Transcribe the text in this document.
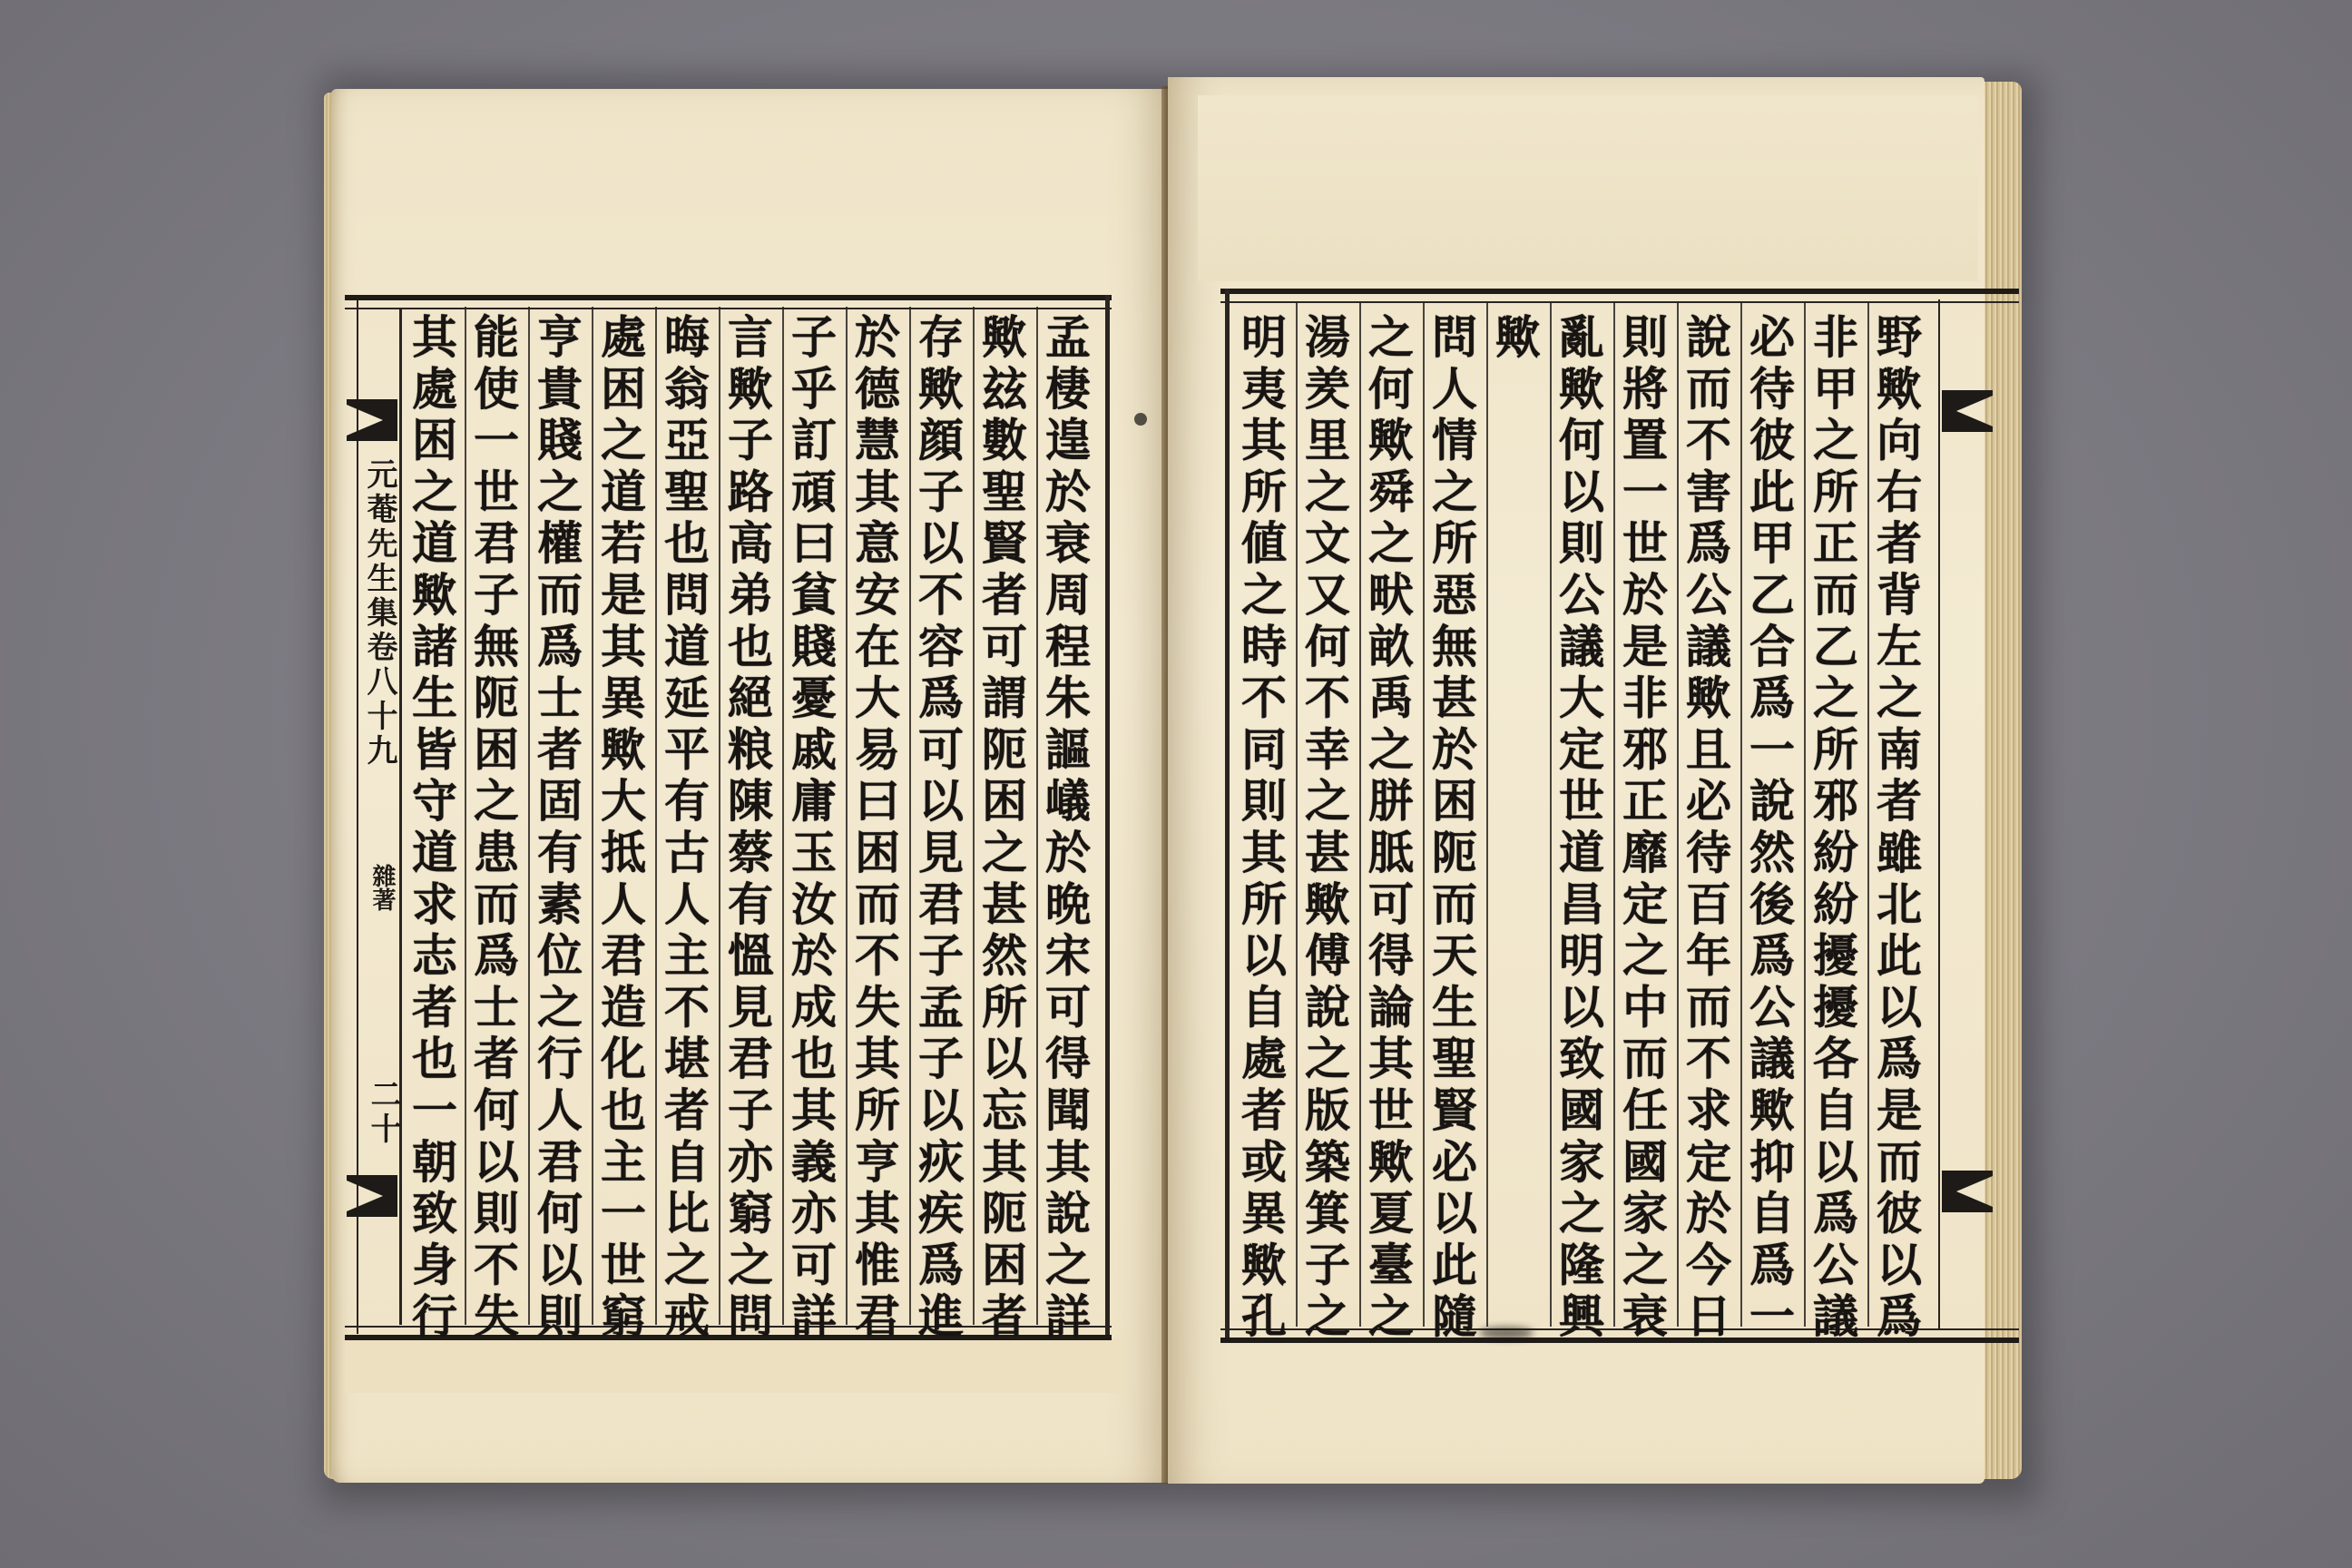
孟棲遑於衰周程朱謳嶬於晩宋可得聞其說之詳
歟玆數聖賢者可謂阨困之甚然所以忘其阨困者
存歟顔子以不容爲可以見君子孟子以疢疾爲進
於德慧其意安在大易曰困而不失其所亨其惟君
子乎訂頑曰貧賤憂戚庸玉汝於成也其義亦可詳
言歟子路高弟也絕粮陳蔡有慍見君子亦窮之問
晦翁亞聖也問道延平有古人主不堪者自比之戒
處困之道若是其異歟大抵人君造化也主一世窮
亨貴賤之權而爲士者固有素位之行人君何以則
能使一世君子無阨困之患而爲士者何以則不失
其處困之道歟諸生皆守道求志者也一朝致身行
元菴先生集卷八十九
雜著
二十	野歟向右者背左之南者雖北此以爲是而彼以爲
非甲之所正而乙之所邪紛紛擾擾各自以爲公議
必待彼此甲乙合爲一說然後爲公議歟抑自爲一
說而不害爲公議歟且必待百年而不求定於今日
則將置一世於是非邪正靡定之中而任國家之衰
亂歟何以則公議大定世道昌明以致國家之隆興
歟
問人情之所惡無甚於困阨而天生聖賢必以此隨
之何歟舜之畎畝禹之胼胝可得論其世歟夏臺之
湯羑里之文又何不幸之甚歟傅說之版築箕子之
明夷其所値之時不同則其所以自處者或異歟孔
